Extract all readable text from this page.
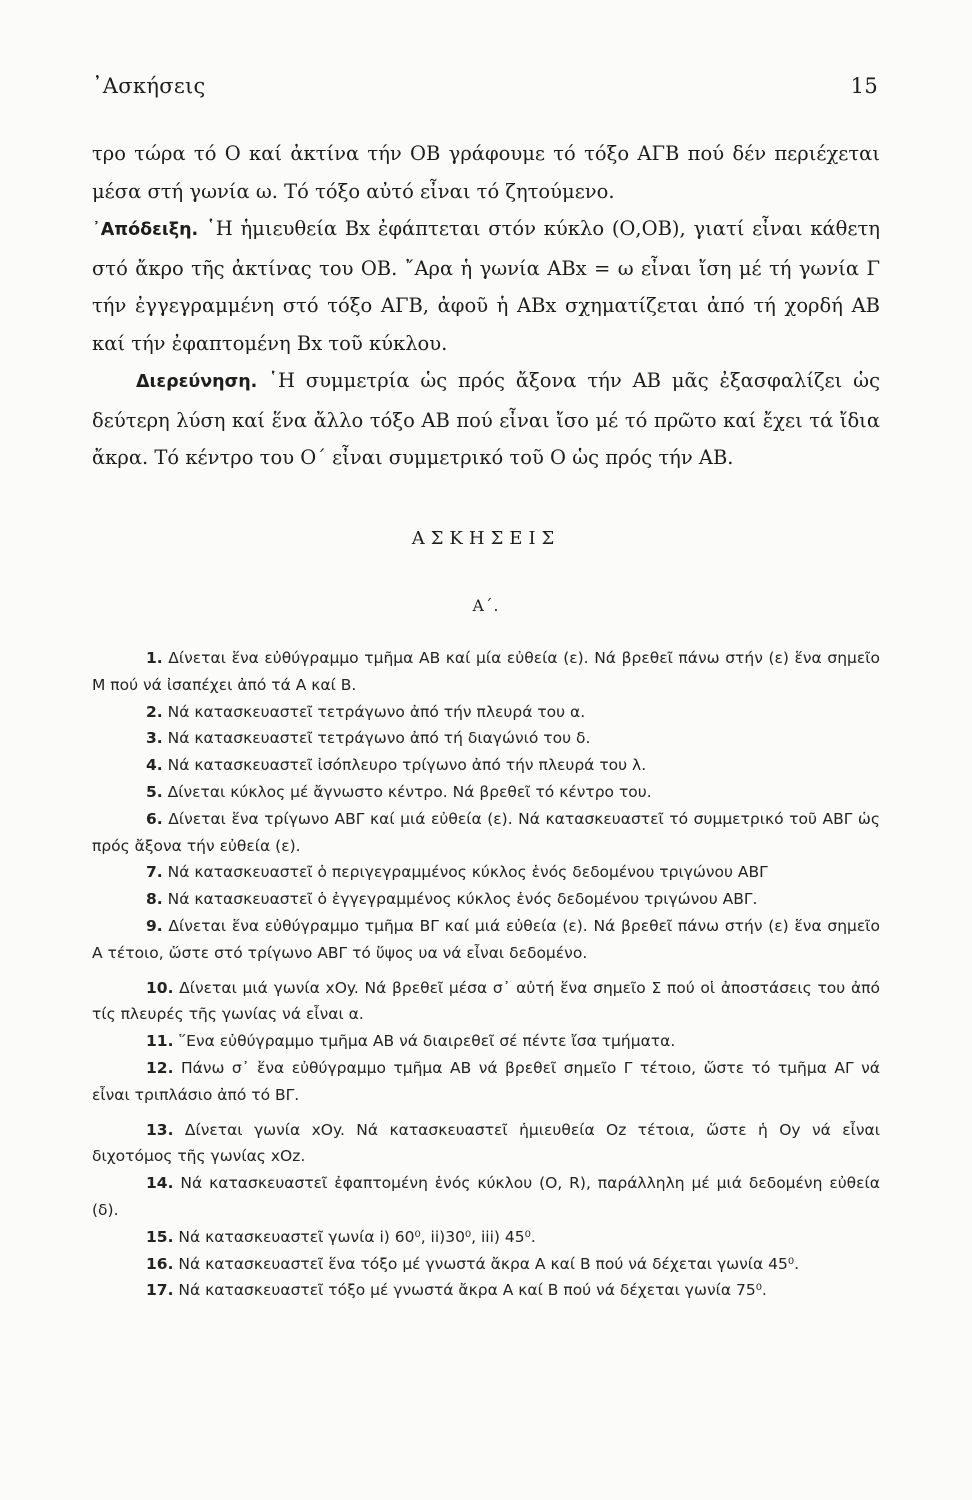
᾿Ασκήσεις	15

τρο τώρα τό Ο καί ἀκτίνα τήν ΟΒ γράφουμε τό τόξο ΑΓΒ πού δέν περιέχεται μέσα στή γωνία ω. Τό τόξο αὐτό εἶναι τό ζητούμενο.

᾿Απόδειξη. ῾Η ἡμιευθεία Βx ἐφάπτεται στόν κύκλο (Ο,ΟΒ), γιατί εἶναι κάθετη στό ἄκρο τῆς ἀκτίνας του ΟΒ. ῎Αρα ἡ γωνία ΑΒx = ω εἶναι ἴση μέ τή γωνία Γ τήν ἐγγεγραμμένη στό τόξο ΑΓΒ, ἀφοῦ ἡ ΑΒx σχηματίζεται ἀπό τή χορδή ΑΒ καί τήν ἐφαπτομένη Βx τοῦ κύκλου.

Διερεύνηση. ῾Η συμμετρία ὡς πρός ἄξονα τήν ΑΒ μᾶς ἐξασφαλίζει ὡς δεύτερη λύση καί ἕνα ἄλλο τόξο ΑΒ πού εἶναι ἴσο μέ τό πρῶτο καί ἔχει τά ἴδια ἄκρα. Τό κέντρο του Ο΄ εἶναι συμμετρικό τοῦ Ο ὡς πρός τήν ΑΒ.

ΑΣΚΗΣΕΙΣ
Α΄.

1. Δίνεται ἕνα εὐθύγραμμο τμῆμα ΑΒ καί μία εὐθεία (ε). Νά βρεθεῖ πάνω στήν (ε) ἕνα σημεῖο Μ πού νά ἰσαπέχει ἀπό τά Α καί Β.

2. Νά κατασκευαστεῖ τετράγωνο ἀπό τήν πλευρά του α.

3. Νά κατασκευαστεῖ τετράγωνο ἀπό τή διαγώνιό του δ.

4. Νά κατασκευαστεῖ ἰσόπλευρο τρίγωνο ἀπό τήν πλευρά του λ.

5. Δίνεται κύκλος μέ ἄγνωστο κέντρο. Νά βρεθεῖ τό κέντρο του.

6. Δίνεται ἕνα τρίγωνο ΑΒΓ καί μιά εὐθεία (ε). Νά κατασκευαστεῖ τό συμμετρικό τοῦ ΑΒΓ ὡς πρός ἄξονα τήν εὐθεία (ε).

7. Νά κατασκευαστεῖ ὁ περιγεγραμμένος κύκλος ἑνός δεδομένου τριγώνου ΑΒΓ

8. Νά κατασκευαστεῖ ὁ ἐγγεγραμμένος κύκλος ἑνός δεδομένου τριγώνου ΑΒΓ.

9. Δίνεται ἕνα εὐθύγραμμο τμῆμα ΒΓ καί μιά εὐθεία (ε). Νά βρεθεῖ πάνω στήν (ε) ἕνα σημεῖο Α τέτοιο, ὥστε στό τρίγωνο ΑΒΓ τό ὕψος υα νά εἶναι δεδομένο.

10. Δίνεται μιά γωνία xOy. Νά βρεθεῖ μέσα σ᾿ αὐτή ἕνα σημεῖο Σ πού οἱ ἀποστάσεις του ἀπό τίς πλευρές τῆς γωνίας νά εἶναι α.

11. ῞Ενα εὐθύγραμμο τμῆμα ΑΒ νά διαιρεθεῖ σέ πέντε ἴσα τμήματα.

12. Πάνω σ᾿ ἕνα εὐθύγραμμο τμῆμα ΑΒ νά βρεθεῖ σημεῖο Γ τέτοιο, ὥστε τό τμῆμα ΑΓ νά εἶναι τριπλάσιο ἀπό τό ΒΓ.

13. Δίνεται γωνία xOy. Νά κατασκευαστεῖ ἡμιευθεία Oz τέτοια, ὥστε ἡ Oy νά εἶναι διχοτόμος τῆς γωνίας xOz.

14. Νά κατασκευαστεῖ ἐφαπτομένη ἑνός κύκλου (Ο, R), παράλληλη μέ μιά δεδομένη εὐθεία (δ).

15. Νά κατασκευαστεῖ γωνία i) 60⁰, ii)30⁰, iii) 45⁰.

16. Νά κατασκευαστεῖ ἕνα τόξο μέ γνωστά ἄκρα Α καί Β πού νά δέχεται γωνία 45⁰.

17. Νά κατασκευαστεῖ τόξο μέ γνωστά ἄκρα Α καί Β πού νά δέχεται γωνία 75⁰.
